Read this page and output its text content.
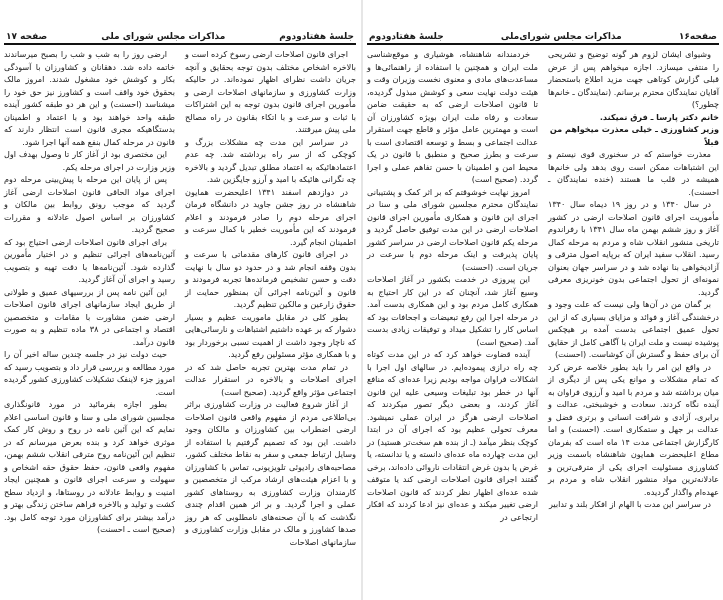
جلسهٔ هفتادودوم
مذاکرات مجلس شورای ملی
صفحه ۱۷

اجرای قانون اصلاحات ارضی رسوخ کرده است و بالاخره اشخاص مختلف بدون توجه بحقایق و آنچه جریان داشت نظرای اظهار نموده‌اند. در حالیکه وزارت کشاورزی و سازمانهای اصلاحات ارضی و مأمورین اجرای قانون بدون توجه به این اشتراکات با ثبات و سرعت و با اتکاء بقانون در راه مصالح ملی پیش میرفتند.

در سراسر این مدت چه مشکلات بزرگ و کوچکی که از سر راه برداشته شد. چه عدم اعتمادهائیکه به اعتماد مطلق تبدیل گردید و بالاخره چه نگرانی هائیکه با امید و آرزو جایگزین شد.

در دوازدهم اسفند ۱۳۴۱ اعلیحضرت همایون شاهنشاه در روز جشن جاوید در دانشگاه فرمان اجرای مرحله دوم را صادر فرمودند و اعلام فرمودند که این مأموریت خطیر با کمال سرعت و اطمینان انجام گیرد.

در اجرای قانون کارهای مقدماتی با سرعت و بدون وقفه انجام شد و در حدود دو سال با نهایت دقت و حسن تشخیص فرمانده‌ها تجربه فرمودند و قانون و آئین‌نامه اجرائی آن بمنظور حمایت از حقوق زارعین و مالکین تنظیم گردید.

بطور کلی در مقابل ماموریت عظیم و بسیار دشوار که بر عهده داشتیم اشتباهات و نارسائی‌هایی که ناچار وجود داشت از اهمیت نسبی برخوردار بود و با همکاری مؤثر مسئولین رفع گردید.

در تمام مدت بهترین تجربه حاصل شد که در اجرای اصلاحات و بالاخره در استقرار عدالت اجتماعی مؤثر واقع گردید. (صحیح است)

از آغاز شروع فعالیت در وزارت کشاورزی براثر بی‌اطلاعی مردم از مفهوم واقعی قانون اصلاحات ارضی اضطراب بین کشاورزان و مالکان وجود داشت. این بود که تصمیم گرفتیم با استفاده از وسایل ارتباط جمعی و سفر به نقاط مختلف کشور، مصاحبه‌های رادیوئی تلویزیونی، تماس با کشاورزان و با اعزام هیئت‌های ارشاد مرکب از متخصصین و کارمندان وزارت کشاورزی به روستاهای کشور عملی و اجرا گردید. و بر اثر همین اقدام چندی نگذشت که با آن صحنه‌های نامطلوبی که هر روز صدها کشاورز و مالک در مقابل وزارت کشاورزی و سازمانهای اصلاحات

ارضی روز را به شب و شب را بصبح میرساندند خاتمه داده شد. دهقانان و کشاورزان با آسودگی بکار و کوشش خود مشغول شدند. امروز مالک بحقوق خود واقف است و کشاورز نیز حق خود را میشناسد (احسنت) و این هر دو طبقه کشور آینده طبقه واحد خواهند بود و با اعتماد و اطمینان بدستگاهیکه مجری قانون است انتظار دارند که قانون در مرحله کمال بنفع همه آنها اجرا شود.

این مختصری بود از آغاز کار تا وصول بهدف اول وزیر وزارت در اجرای مرحله یکم.

پس از پایان این مرحله با پیش‌بینی مرحله دوم اجرای مواد الحاقی قانون اصلاحات ارضی آغاز گردید که موجب رونق روابط بین مالکان و کشاورزان بر اساس اصول عادلانه و مقررات صحیح گردید.

برای اجرای قانون اصلاحات ارضی احتیاج بود که آئین‌نامه‌های اجرائی تنظیم و در اختیار مأمورین گذارده شود. آئین‌نامه‌ها با دقت تهیه و بتصویب رسید و اجرای آن آغاز گردید.

این آئین نامه پس از بررسیهای عمیق و طولانی از طریق ایجاد سازمانهای اجرای قانون اصلاحات ارضی ضمن مشاورت با مقامات و متخصصین اقتصاد و اجتماعی در ۳۸ ماده تنظیم و به صورت قانون درآمد.

حیث دولت نیز در جلسه چندین ساله اخیر آن را مورد مطالعه و بررسی قرار داد و بتصویب رسید که امروز جزء لاینفک تشکیلات کشاورزی کشور گردیده است.

بطور اجازه بفرمائید در مورد قانونگذاری مجلسین شورای ملی و سنا و قانون اساسی اعلام نمایم که این آئین نامه در روح و روش کار کمک موثری خواهد کرد و بنده بعرض میرسانم که در تنظیم این آئین‌نامه روح مترقی انقلاب ششم بهمن، مفهوم واقعی قانون، حفظ حقوق حقه اشخاص و سهولت و سرعت اجرای قانون و همچنین ایجاد امنیت و روابط عادلانه در روستاها، و ازدیاد سطح کشت و تولید و بالاخره فراهم ساختن زندگی بهتر و درآمد بیشتر برای کشاورزان مورد توجه کامل بود. (صحیح است ـ احسنت)

صفحه۱۶
مذاکرات مجلس شورای‌ملی
جلسهٔ هفتادودوم

وشیوای ایشان لزوم هر گونه توضیح و تشریحی را منتفی میسازد. اجازه میخواهم پس از عرض قبلی گزارش کوتاهی جهت مزید اطلاع باستحضار آقایان نمایندگان محترم برسانم. (نمایندگان ـ خانم‌ها چطور؟)

خانم دکتر پارسا ـ فرق نمیکند.

وزیر کشاورزی ـ خیلی معذرت میخواهم من قبلاً

معذرت خواستم که در سخنوری قوی نیستم و این اشتباهات ممکن است روی بدهد ولی خانم‌ها همیشه در قلب ما هستند (خنده نمایندگان ـ احسنت).

در سال ۱۳۴۰ و در روز ۱۹ دیماه سال ۱۳۴۰ مأموریت اجرای قانون اصلاحات ارضی در کشور آغاز و روز ششم بهمن ماه سال ۱۳۴۱ با رفراندوم تاریخی منشور انقلاب شاه و مردم به مرحله کمال رسید. انقلاب سفید ایران که برپایه اصول مترقی و آزادیخواهی بنا نهاده شد و در سراسر جهان بعنوان نمونه‌ای از تحول اجتماعی بدون خونریزی معرفی گردید.

بر گمان من در آن‌ها ولی نیست که علت وجود و درخشندگی آغاز و فوائد و مزایای بسیاری که از این تحول عمیق اجتماعی بدست آمده بر هیچکس پوشیده نیست و ملت ایران با آگاهی کامل از حقایق آن برای حفظ و گسترش آن کوشاست. (احسنت)

در واقع این امر را باید بطور خلاصه عرض کرد که تمام مشکلات و موانع یکی پس از دیگری از میان برداشته شد و مردم با امید و آرزوی فراوان به آینده نگاه کردند. سعادت و خوشبختی، عدالت و برابری، آزادی و شرافت انسانی و برتری فضل و عدالت بر جهل و ستمکاری است. (احسنت) و اما کارگزارش اجتماعی مدت ۱۴ ماه است که بفرمان مطاع اعلیحضرت همایون شاهنشاه باسمت وزیر کشاورزی مسئولیت اجرای یکی از مترقی‌ترین و عادلانه‌ترین مواد منشور انقلاب شاه و مردم بر عهده‌ام واگذار گردیده.

در سراسر این مدت با الهام از افکار بلند و تدابیر

خردمندانه شاهنشاه، هوشیاری و موقع‌شناسی ملت ایران و همچنین با استفاده از راهنمائی‌ها و مساعدت‌های مادی و معنوی نخست وزیران وقت و هیئت دولت نهایت سعی و کوشش مبذول گردیده، تا قانون اصلاحات ارضی که به حقیقت ضامن سعادت و رفاه ملت ایران بویژه کشاورزان آن است و مهمترین عامل مؤثر و قاطع جهت استقرار عدالت اجتماعی و بسط و توسعه اقتصادی است با سرعت و بطرز صحیح و منطبق با قانون در یک محیط امن و اطمینان با حسن تفاهم عملی و اجرا گردد. (صحیح است)

امروز نهایت خوشوقتم که بر اثر کمک و پشتیبانی نمایندگان محترم مجلسین شورای ملی و سنا در اجرای این قانون و همکاری مأمورین اجرای قانون اصلاحات ارضی در این مدت توفیق حاصل گردید و مرحله یکم قانون اصلاحات ارضی در سراسر کشور پایان پذیرفت و اینک مرحله دوم با سرعت در جریان است. (احسنت)

این پیروزی در خدمت بکشور در آغاز اصلاحات وسیع آغاز شد، آنچنان که در این کار احتیاج به همکاری کامل مردم بود و این همکاری بدست آمد. در مرحله اجرا این رفع تبعیضات و اجحافات بود که اساس کار را تشکیل میداد و توفیقات زیادی بدست آمد. (صحیح است)

آینده قضاوت خواهد کرد که در این مدت کوتاه چه راه درازی پیموده‌ایم. در سالهای اول اجرا با اشکالات فراوان مواجه بودیم زیرا عده‌ای که منافع آنها در خطر بود تبلیغات وسیعی علیه این قانون آغاز کردند، و بعضی دیگر تصور میکردند که اصلاحات ارضی هرگز در ایران عملی نمیشود. معرف تحولی عظیم بود که اجرای آن در ابتدا کوچک بنظر میآمد (ـ از بنده هم سخت‌تر هستید) در این مدت چهارده ماه عده‌ای دانسته و یا ندانسته، یا غرض یا بدون غرض انتقادات ناروائی داده‌اند، برخی گفتند اجرای قانون اصلاحات ارضی کند یا متوقف شده عده‌ای اظهار نظر کردند که قانون اصلاحات ارضی تغییر میکند و عده‌ای نیز ادعا کردند که افکار ارتجاعی در
